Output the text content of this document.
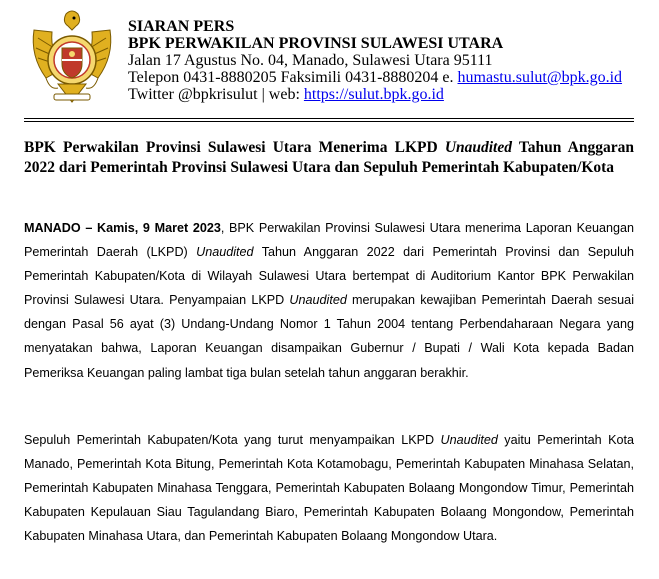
SIARAN PERS
BPK PERWAKILAN PROVINSI SULAWESI UTARA
Jalan 17 Agustus No. 04, Manado, Sulawesi Utara 95111
Telepon 0431-8880205 Faksimili 0431-8880204 e. humastu.sulut@bpk.go.id
Twitter @bpkrisulut | web: https://sulut.bpk.go.id
BPK Perwakilan Provinsi Sulawesi Utara Menerima LKPD Unaudited Tahun Anggaran 2022 dari Pemerintah Provinsi Sulawesi Utara dan Sepuluh Pemerintah Kabupaten/Kota
MANADO – Kamis, 9 Maret 2023, BPK Perwakilan Provinsi Sulawesi Utara menerima Laporan Keuangan Pemerintah Daerah (LKPD) Unaudited Tahun Anggaran 2022 dari Pemerintah Provinsi dan Sepuluh Pemerintah Kabupaten/Kota di Wilayah Sulawesi Utara bertempat di Auditorium Kantor BPK Perwakilan Provinsi Sulawesi Utara. Penyampaian LKPD Unaudited merupakan kewajiban Pemerintah Daerah sesuai dengan Pasal 56 ayat (3) Undang-Undang Nomor 1 Tahun 2004 tentang Perbendaharaan Negara yang menyatakan bahwa, Laporan Keuangan disampaikan Gubernur / Bupati / Wali Kota kepada Badan Pemeriksa Keuangan paling lambat tiga bulan setelah tahun anggaran berakhir.
Sepuluh Pemerintah Kabupaten/Kota yang turut menyampaikan LKPD Unaudited yaitu Pemerintah Kota Manado, Pemerintah Kota Bitung, Pemerintah Kota Kotamobagu, Pemerintah Kabupaten Minahasa Selatan, Pemerintah Kabupaten Minahasa Tenggara, Pemerintah Kabupaten Bolaang Mongondow Timur, Pemerintah Kabupaten Kepulauan Siau Tagulandang Biaro, Pemerintah Kabupaten Bolaang Mongondow, Pemerintah Kabupaten Minahasa Utara, dan Pemerintah Kabupaten Bolaang Mongondow Utara.
